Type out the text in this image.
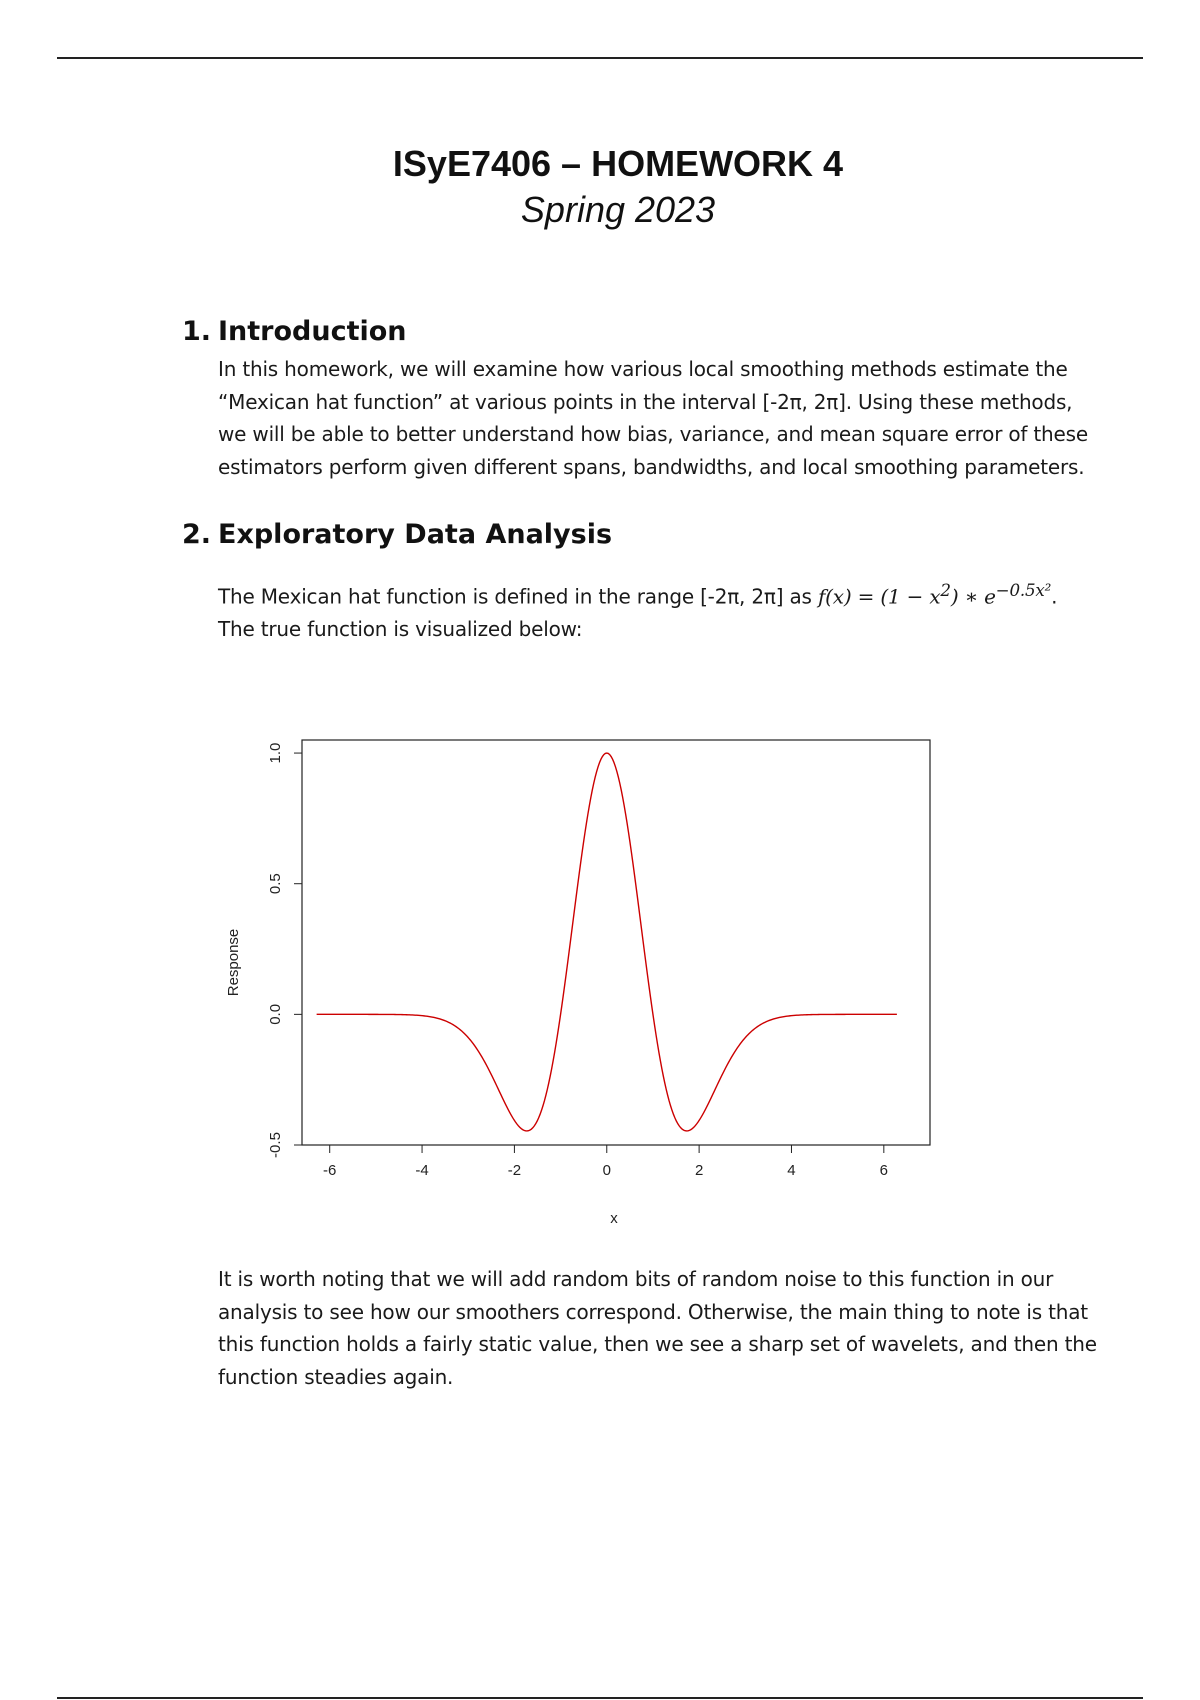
ISyE7406 – HOMEWORK 4
Spring 2023
1. Introduction
In this homework, we will examine how various local smoothing methods estimate the
“Mexican hat function” at various points in the interval [-2π, 2π]. Using these methods,
we will be able to better understand how bias, variance, and mean square error of these
estimators perform given different spans, bandwidths, and local smoothing parameters.
2. Exploratory Data Analysis
The Mexican hat function is defined in the range [-2π, 2π] as $f(x) = (1 - x^2)$ ∗ $e^{-0.5x^2}$.
The true function is visualized below:
-6	-4	-2	0	2	4	6
-0.5
0.0
0.5
1.0
x
Response
It is worth noting that we will add random bits of random noise to this function in our
analysis to see how our smoothers correspond. Otherwise, the main thing to note is that
this function holds a fairly static value, then we see a sharp set of wavelets, and then the
function steadies again.
